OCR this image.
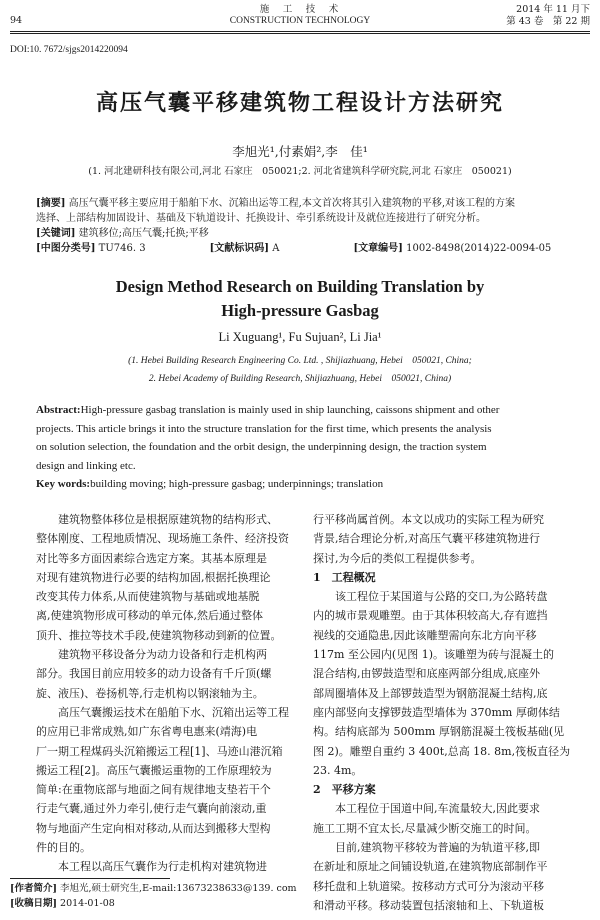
94
施　工　技　术
CONSTRUCTION TECHNOLOGY
2014 年 11 月下
第 43 卷　第 22 期
DOI:10. 7672/sjgs2014220094
高压气囊平移建筑物工程设计方法研究
李旭光¹,付素娟²,李　佳¹
(1. 河北建研科技有限公司,河北 石家庄　050021;2. 河北省建筑科学研究院,河北 石家庄　050021)
[摘要] 高压气囊平移主要应用于船舶下水、沉箱出运等工程,本文首次将其引入建筑物的平移,对该工程的方案
选择、上部结构加固设计、基础及下轨道设计、托换设计、牵引系统设计及就位连接进行了研究分析。
[关键词] 建筑移位;高压气囊;托换;平移
[中图分类号] TU746. 3	[文献标识码] A	[文章编号] 1002-8498(2014)22-0094-05
Design Method Research on Building Translation by
High-pressure Gasbag
Li Xuguang¹, Fu Sujuan², Li Jia¹
(1. Hebei Building Research Engineering Co. Ltd. , Shijiazhuang, Hebei　050021, China;
2. Hebei Academy of Building Research, Shijiazhuang, Hebei　050021, China)
Abstract:High-pressure gasbag translation is mainly used in ship launching, caissons shipment and other
projects. This article brings it into the structure translation for the first time, which presents the analysis
on solution selection, the foundation and the orbit design, the underpinning design, the traction system
design and linking etc.
Key words:building moving; high-pressure gasbag; underpinnings; translation
　　建筑物整体移位是根据原建筑物的结构形式、
整体刚度、工程地质情况、现场施工条件、经济投资
对比等多方面因素综合选定方案。其基本原理是
对现有建筑物进行必要的结构加固,根据托换理论
改变其传力体系,从而使建筑物与基础或地基脱
离,使建筑物形成可移动的单元体,然后通过整体
顶升、推拉等技术手段,使建筑物移动到新的位置。
　　建筑物平移设备分为动力设备和行走机构两
部分。我国目前应用较多的动力设备有千斤顶(螺
旋、液压)、卷扬机等,行走机构以钢滚轴为主。
　　高压气囊搬运技术在船舶下水、沉箱出运等工程
的应用已非常成熟,如广东省粤电惠来(靖海)电
厂一期工程煤码头沉箱搬运工程[1]、马迹山港沉箱
搬运工程[2]。高压气囊搬运重物的工作原理较为
简单:在重物底部与地面之间有规律地支垫若干个
行走气囊,通过外力牵引,使行走气囊向前滚动,重
物与地面产生定向相对移动,从而达到搬移大型构
件的目的。
　　本工程以高压气囊作为行走机构对建筑物进
行平移尚属首例。本文以成功的实际工程为研究
背景,结合理论分析,对高压气囊平移建筑物进行
探讨,为今后的类似工程提供参考。
1　工程概况
　　该工程位于某国道与公路的交口,为公路转盘
内的城市景观雕塑。由于其体积较高大,存有遮挡
视线的交通隐患,因此该雕塑需向东北方向平移
117m 至公园内(见图 1)。该雕塑为砖与混凝土的
混合结构,由锣鼓造型和底座两部分组成,底座外
部周圈墙体及上部锣鼓造型为钢筋混凝土结构,底
座内部竖向支撑锣鼓造型墙体为 370mm 厚砌体结
构。结构底部为 500mm 厚钢筋混凝土筏板基础(见
图 2)。雕塑自重约 3 400t,总高 18. 8m,筏板直径为
23. 4m。
2　平移方案
　　本工程位于国道中间,车流量较大,因此要求
施工工期不宜太长,尽量减少断交施工的时间。
　　目前,建筑物平移较为普遍的为轨道平移,即
在新址和原址之间铺设轨道,在建筑物底部制作平
移托盘和上轨道梁。按移动方式可分为滚动平移
和滑动平移。移动装置包括滚轴和上、下轨道板
[作者简介] 李旭光,硕士研究生,E-mail:13673238633@139. com
[收稿日期] 2014-01-08
